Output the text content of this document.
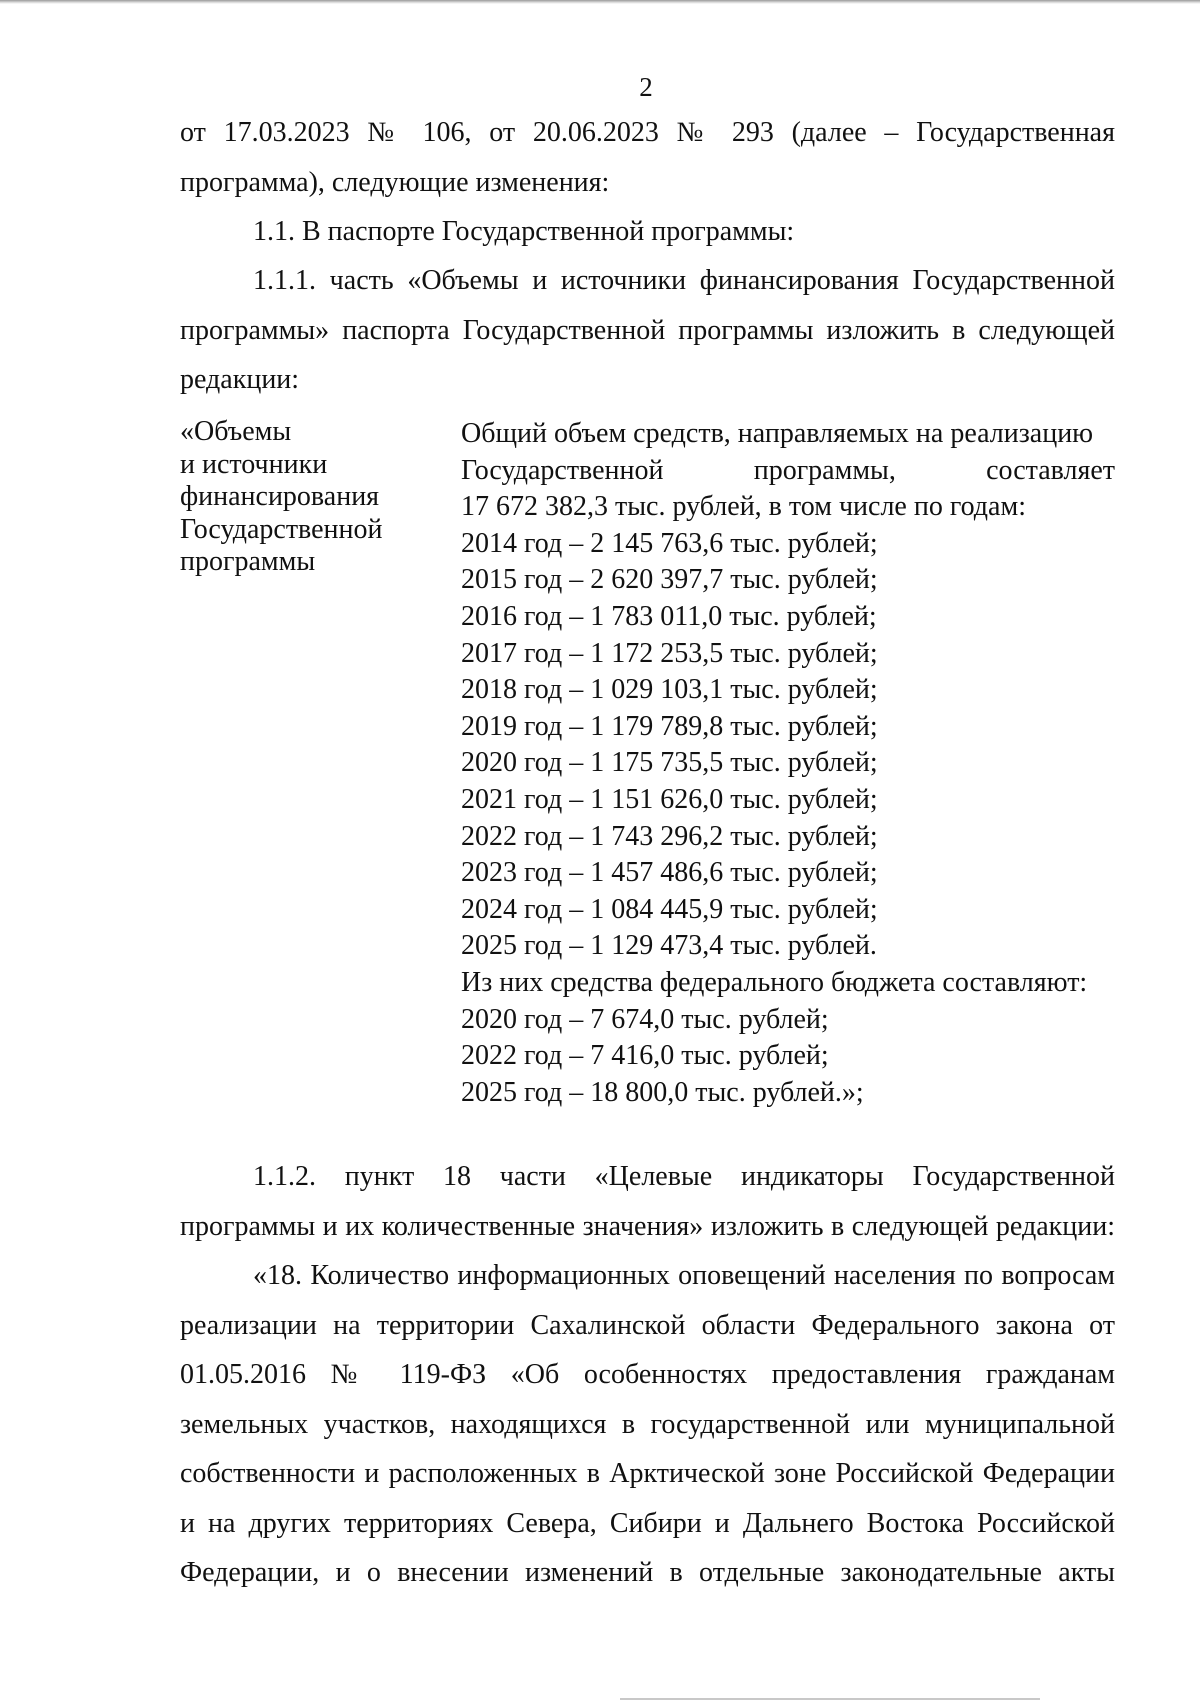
2
от 17.03.2023 № 106, от 20.06.2023 № 293 (далее – Государственная
программа), следующие изменения:
1.1. В паспорте Государственной программы:
1.1.1. часть «Объемы и источники финансирования Государственной
программы» паспорта Государственной программы изложить в следующей
редакции:
«Объемы
и источники
финансирования
Государственной
программы
Общий объем средств, направляемых на реализацию
Государственной программы, составляет
17 672 382,3 тыс. рублей, в том числе по годам:
2014 год – 2 145 763,6 тыс. рублей;
2015 год – 2 620 397,7 тыс. рублей;
2016 год – 1 783 011,0 тыс. рублей;
2017 год – 1 172 253,5 тыс. рублей;
2018 год – 1 029 103,1 тыс. рублей;
2019 год – 1 179 789,8 тыс. рублей;
2020 год – 1 175 735,5 тыс. рублей;
2021 год – 1 151 626,0 тыс. рублей;
2022 год – 1 743 296,2 тыс. рублей;
2023 год – 1 457 486,6 тыс. рублей;
2024 год – 1 084 445,9 тыс. рублей;
2025 год – 1 129 473,4 тыс. рублей.
Из них средства федерального бюджета составляют:
2020 год – 7 674,0 тыс. рублей;
2022 год – 7 416,0 тыс. рублей;
2025 год – 18 800,0 тыс. рублей.»;
1.1.2. пункт 18 части «Целевые индикаторы Государственной
программы и их количественные значения» изложить в следующей редакции:
«18. Количество информационных оповещений населения по вопросам
реализации на территории Сахалинской области Федерального закона от
01.05.2016 № 119-ФЗ «Об особенностях предоставления гражданам
земельных участков, находящихся в государственной или муниципальной
собственности и расположенных в Арктической зоне Российской Федерации
и на других территориях Севера, Сибири и Дальнего Востока Российской
Федерации, и о внесении изменений в отдельные законодательные акты
